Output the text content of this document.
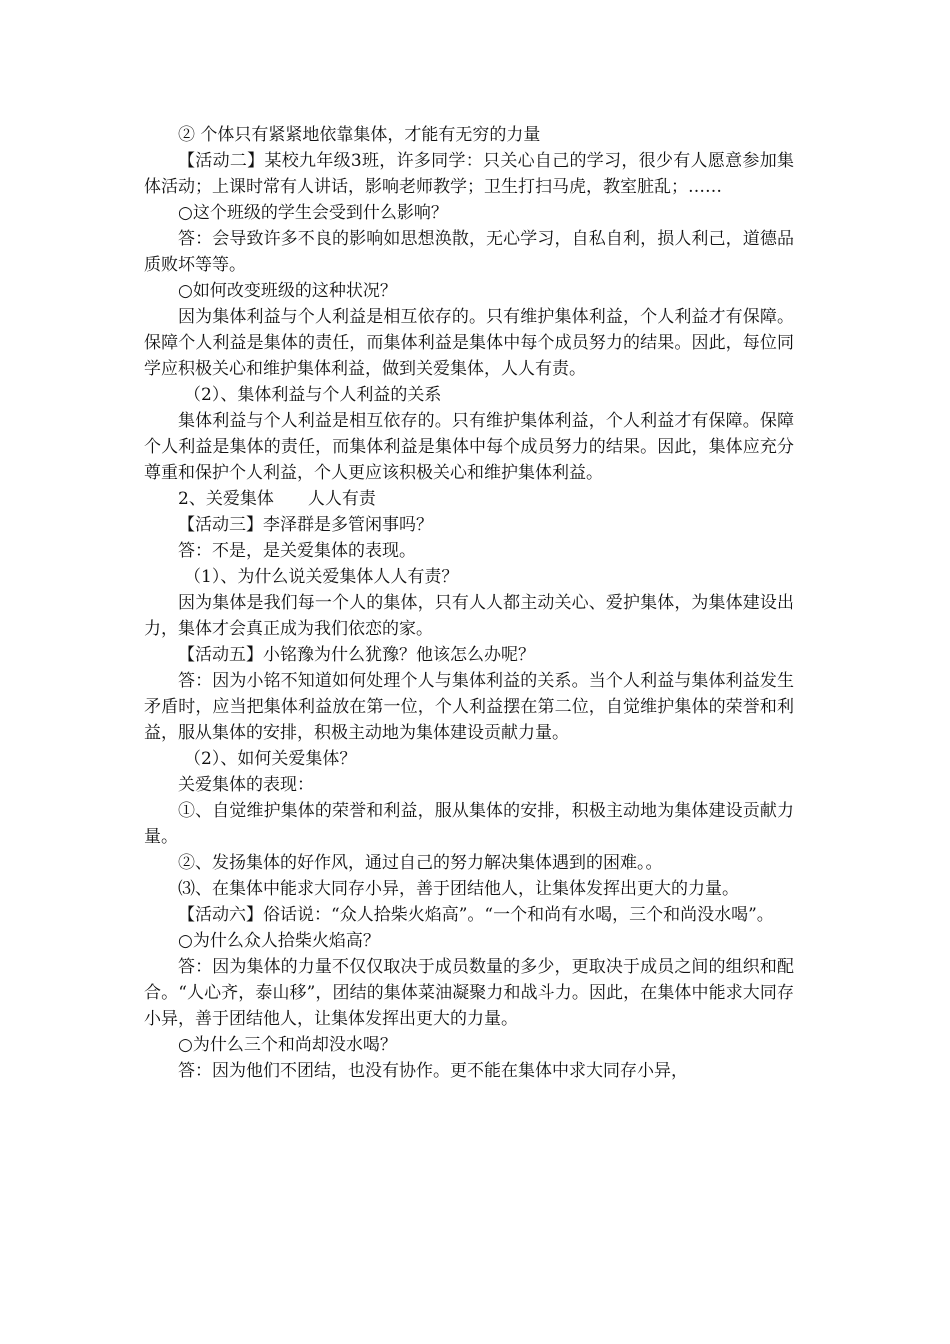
② 个体只有紧紧地依靠集体，才能有无穷的力量

【活动二】某校九年级3班，许多同学：只关心自己的学习，很少有人愿意参加集体活动；上课时常有人讲话，影响老师教学；卫生打扫马虎，教室脏乱；……

○这个班级的学生会受到什么影响？

答：会导致许多不良的影响如思想涣散，无心学习，自私自利，损人利己，道德品质败坏等等。

○如何改变班级的这种状况？

因为集体利益与个人利益是相互依存的。只有维护集体利益，个人利益才有保障。保障个人利益是集体的责任，而集体利益是集体中每个成员努力的结果。因此，每位同学应积极关心和维护集体利益，做到关爱集体，人人有责。

（2）、集体利益与个人利益的关系

集体利益与个人利益是相互依存的。只有维护集体利益，个人利益才有保障。保障个人利益是集体的责任，而集体利益是集体中每个成员努力的结果。因此，集体应充分尊重和保护个人利益，个人更应该积极关心和维护集体利益。

2、关爱集体　　人人有责

【活动三】李泽群是多管闲事吗？

答：不是，是关爱集体的表现。

（1）、为什么说关爱集体人人有责？

因为集体是我们每一个人的集体，只有人人都主动关心、爱护集体，为集体建设出力，集体才会真正成为我们依恋的家。

【活动五】小铭豫为什么犹豫？他该怎么办呢？

答：因为小铭不知道如何处理个人与集体利益的关系。当个人利益与集体利益发生矛盾时，应当把集体利益放在第一位，个人利益摆在第二位，自觉维护集体的荣誉和利益，服从集体的安排，积极主动地为集体建设贡献力量。

（2）、如何关爱集体？

关爱集体的表现：

①、自觉维护集体的荣誉和利益，服从集体的安排，积极主动地为集体建设贡献力量。

②、发扬集体的好作风，通过自己的努力解决集体遇到的困难。。

⑶、在集体中能求大同存小异，善于团结他人，让集体发挥出更大的力量。

【活动六】俗话说：“众人拾柴火焰高”。“一个和尚有水喝，三个和尚没水喝”。

○为什么众人拾柴火焰高？

答：因为集体的力量不仅仅取决于成员数量的多少，更取决于成员之间的组织和配合。“人心齐，泰山移”，团结的集体菜油凝聚力和战斗力。因此，在集体中能求大同存小异，善于团结他人，让集体发挥出更大的力量。

○为什么三个和尚却没水喝？

答：因为他们不团结，也没有协作。更不能在集体中求大同存小异，
